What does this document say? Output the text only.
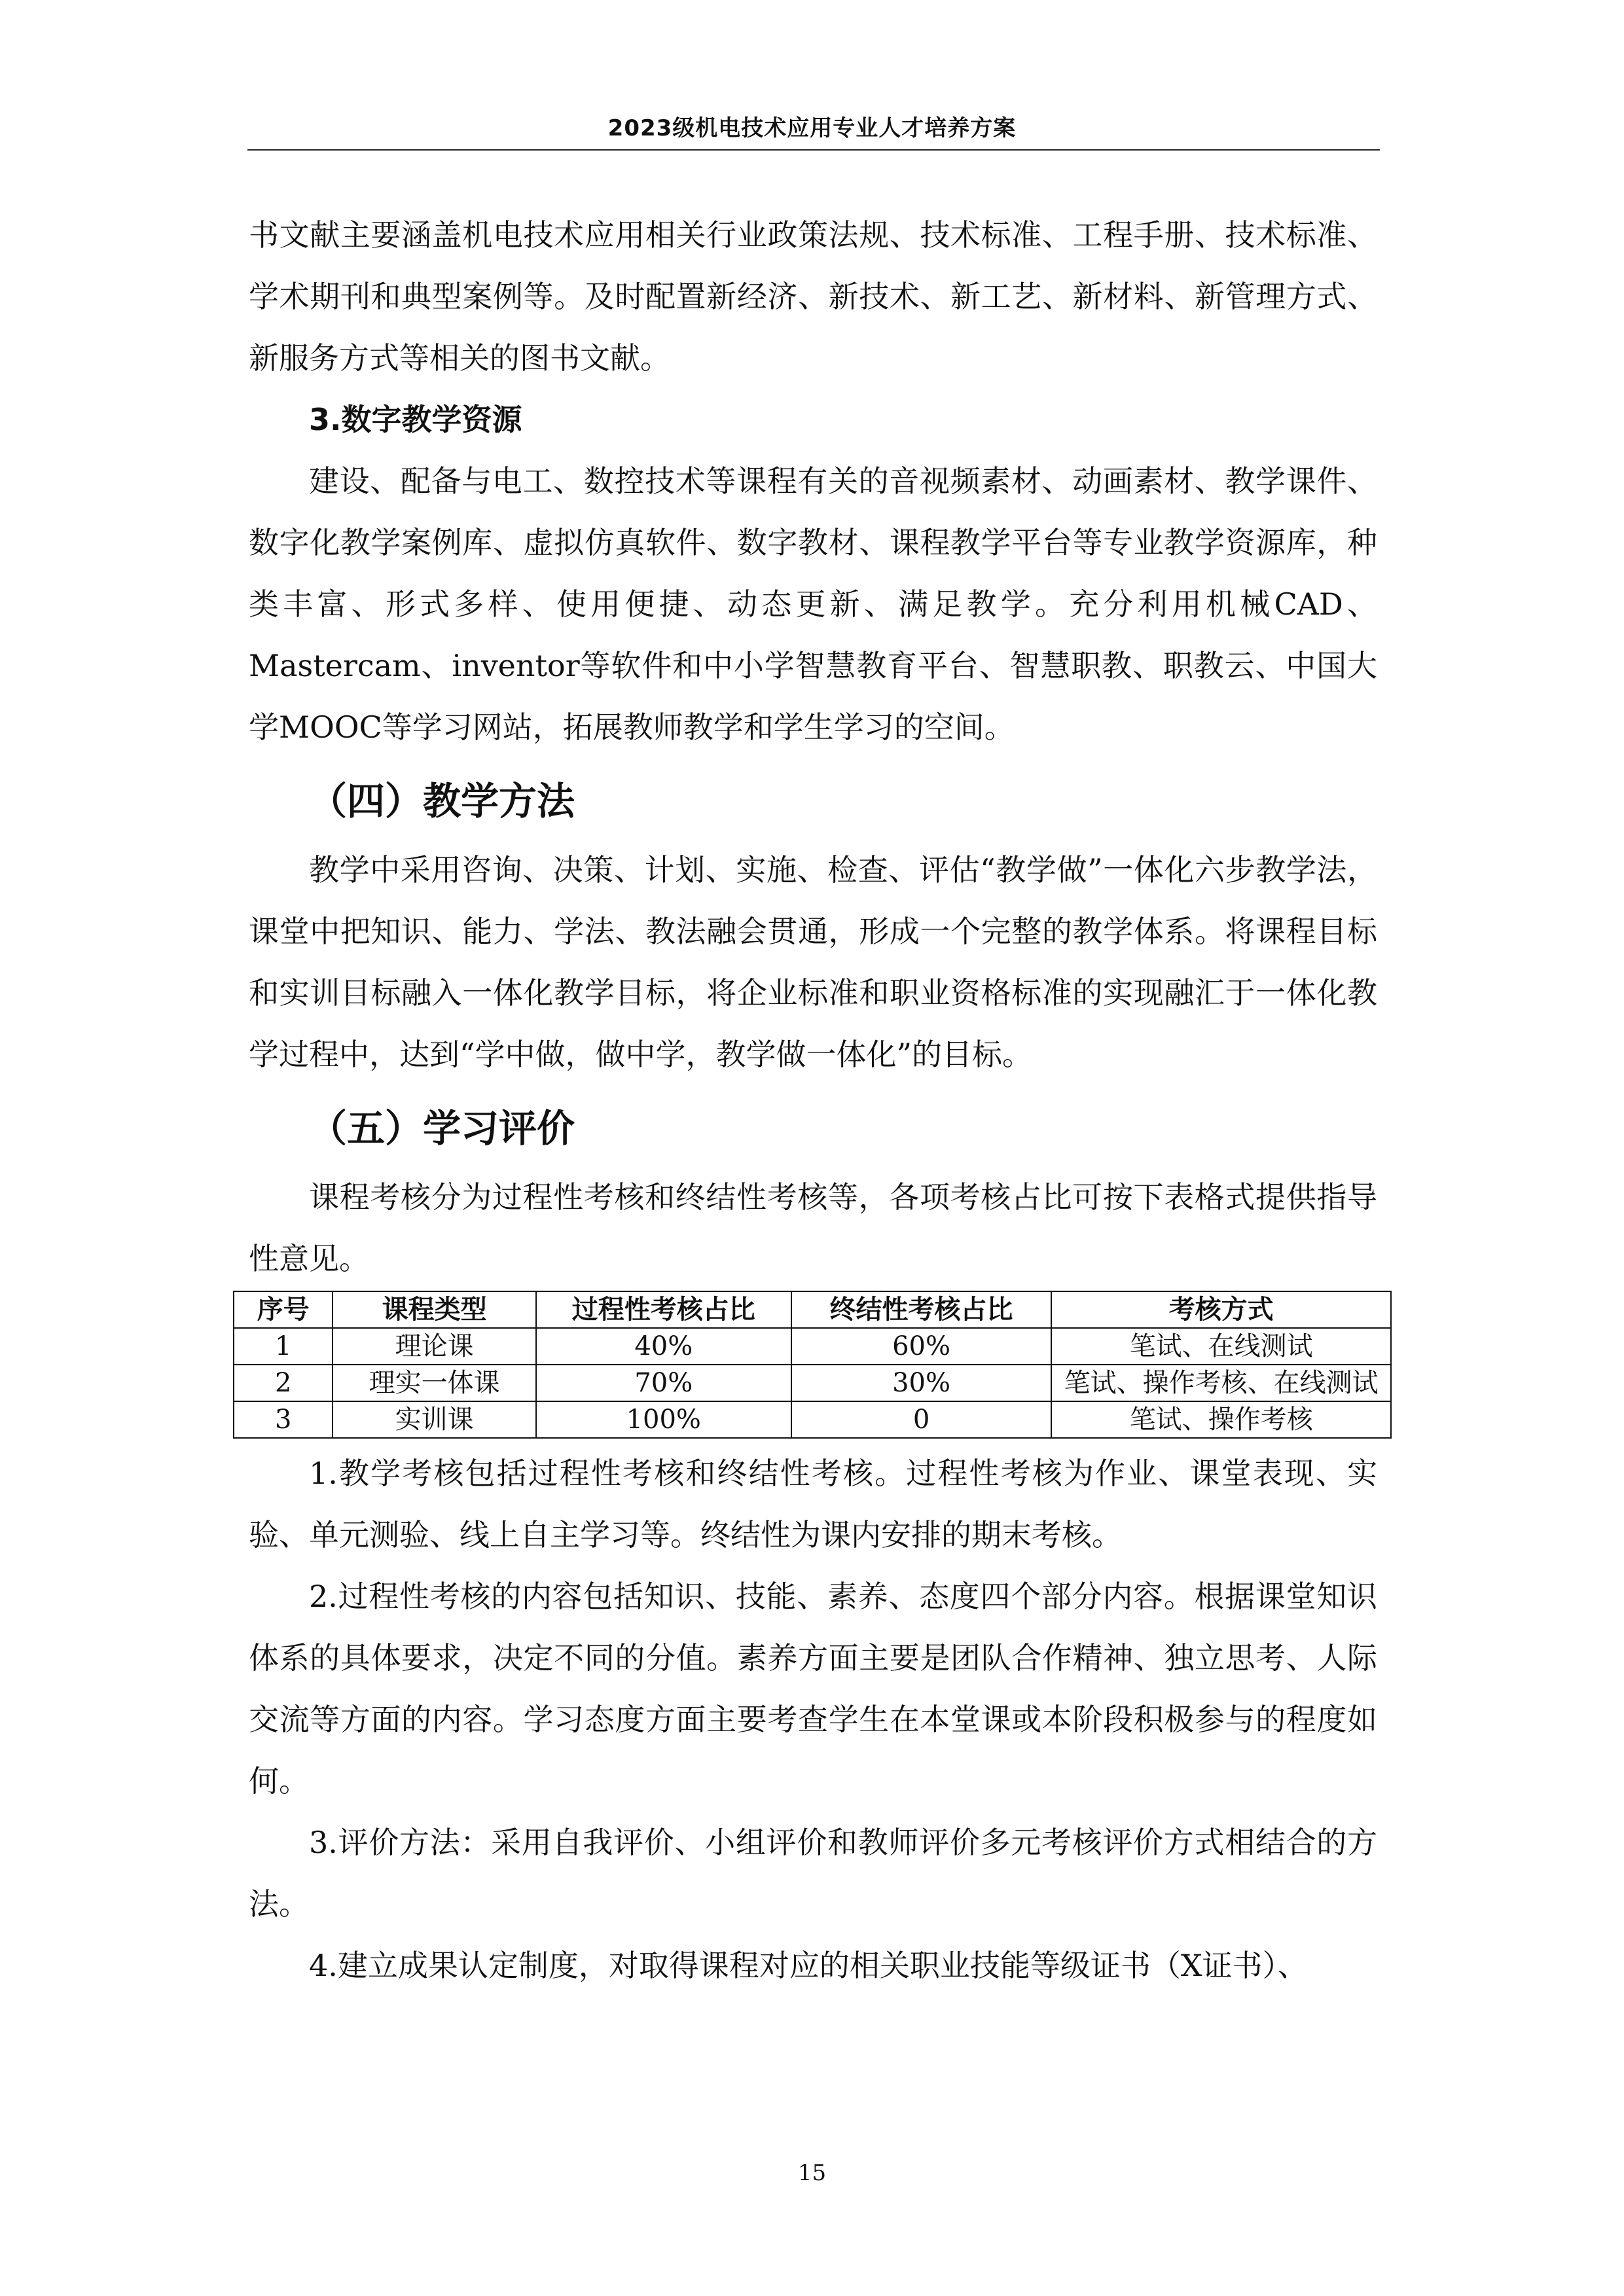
2023级机电技术应用专业人才培养方案

书文献主要涵盖机电技术应用相关行业政策法规、技术标准、工程手册、技术标准、学术期刊和典型案例等。及时配置新经济、新技术、新工艺、新材料、新管理方式、新服务方式等相关的图书文献。

3.数字教学资源

建设、配备与电工、数控技术等课程有关的音视频素材、动画素材、教学课件、数字化教学案例库、虚拟仿真软件、数字教材、课程教学平台等专业教学资源库，种类丰富、形式多样、使用便捷、动态更新、满足教学。充分利用机械CAD、Mastercam、inventor等软件和中小学智慧教育平台、智慧职教、职教云、中国大学MOOC等学习网站，拓展教师教学和学生学习的空间。

（四）教学方法

教学中采用咨询、决策、计划、实施、检查、评估“教学做”一体化六步教学法，课堂中把知识、能力、学法、教法融会贯通，形成一个完整的教学体系。将课程目标和实训目标融入一体化教学目标，将企业标准和职业资格标准的实现融汇于一体化教学过程中，达到“学中做，做中学，教学做一体化”的目标。

（五）学习评价

课程考核分为过程性考核和终结性考核等，各项考核占比可按下表格式提供指导性意见。

序号	课程类型	过程性考核占比	终结性考核占比	考核方式
1	理论课	40%	60%	笔试、在线测试
2	理实一体课	70%	30%	笔试、操作考核、在线测试
3	实训课	100%	0	笔试、操作考核

1.教学考核包括过程性考核和终结性考核。过程性考核为作业、课堂表现、实验、单元测验、线上自主学习等。终结性为课内安排的期末考核。

2.过程性考核的内容包括知识、技能、素养、态度四个部分内容。根据课堂知识体系的具体要求，决定不同的分值。素养方面主要是团队合作精神、独立思考、人际交流等方面的内容。学习态度方面主要考查学生在本堂课或本阶段积极参与的程度如何。

3.评价方法：采用自我评价、小组评价和教师评价多元考核评价方式相结合的方法。

4.建立成果认定制度，对取得课程对应的相关职业技能等级证书（X证书）、

15
